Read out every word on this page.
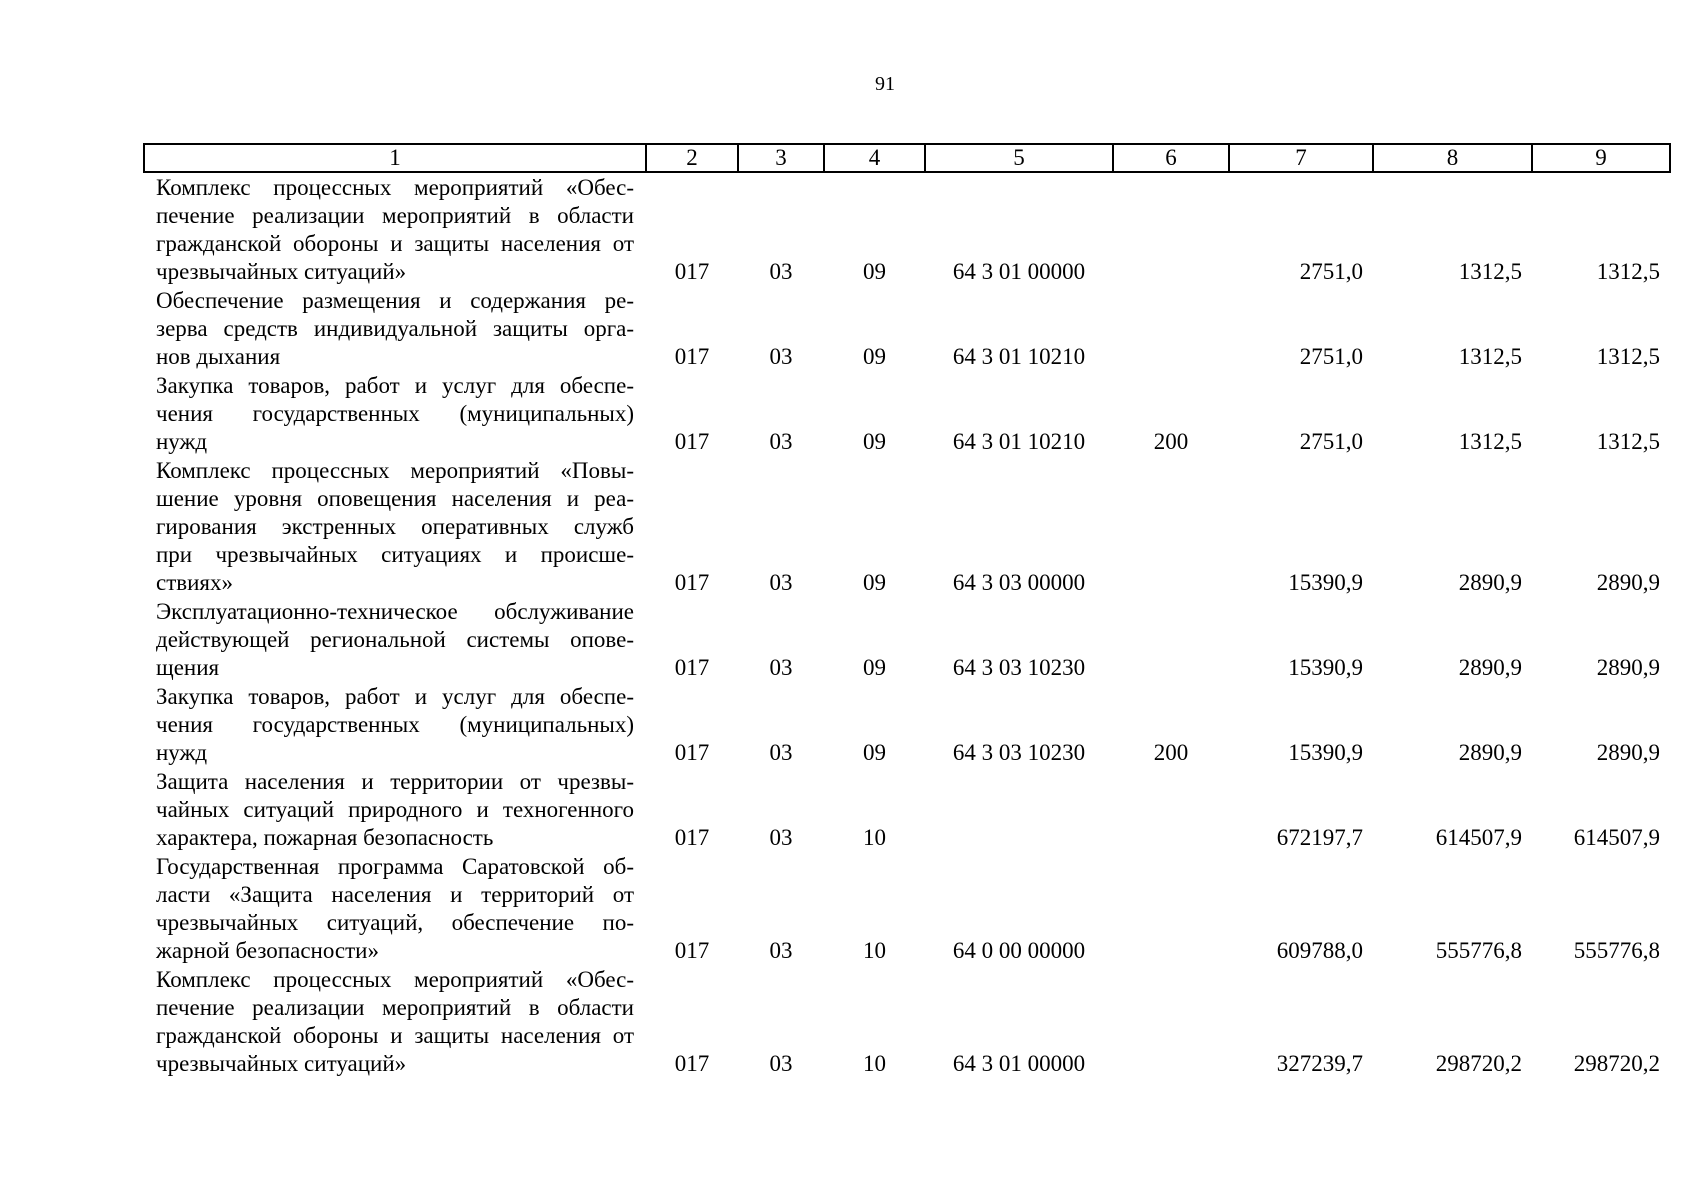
91
1	2	3	4	5	6	7	8	9

Комплекс процессных мероприятий «Обес-
печение реализации мероприятий в области
гражданской обороны и защиты населения от
чрезвычайных ситуаций»	017	03	09	64 3 01 00000		2751,0	1312,5	1312,5

Обеспечение размещения и содержания ре-
зерва средств индивидуальной защиты орга-
нов дыхания	017	03	09	64 3 01 10210		2751,0	1312,5	1312,5

Закупка товаров, работ и услуг для обеспе-
чения государственных (муниципальных)
нужд	017	03	09	64 3 01 10210	200	2751,0	1312,5	1312,5

Комплекс процессных мероприятий «Повы-
шение уровня оповещения населения и реа-
гирования экстренных оперативных служб
при чрезвычайных ситуациях и происше-
ствиях»	017	03	09	64 3 03 00000		15390,9	2890,9	2890,9

Эксплуатационно-техническое обслуживание
действующей региональной системы опове-
щения	017	03	09	64 3 03 10230		15390,9	2890,9	2890,9

Закупка товаров, работ и услуг для обеспе-
чения государственных (муниципальных)
нужд	017	03	09	64 3 03 10230	200	15390,9	2890,9	2890,9

Защита населения и территории от чрезвы-
чайных ситуаций природного и техногенного
характера, пожарная безопасность	017	03	10			672197,7	614507,9	614507,9

Государственная программа Саратовской об-
ласти «Защита населения и территорий от
чрезвычайных ситуаций, обеспечение по-
жарной безопасности»	017	03	10	64 0 00 00000		609788,0	555776,8	555776,8

Комплекс процессных мероприятий «Обес-
печение реализации мероприятий в области
гражданской обороны и защиты населения от
чрезвычайных ситуаций»	017	03	10	64 3 01 00000		327239,7	298720,2	298720,2
